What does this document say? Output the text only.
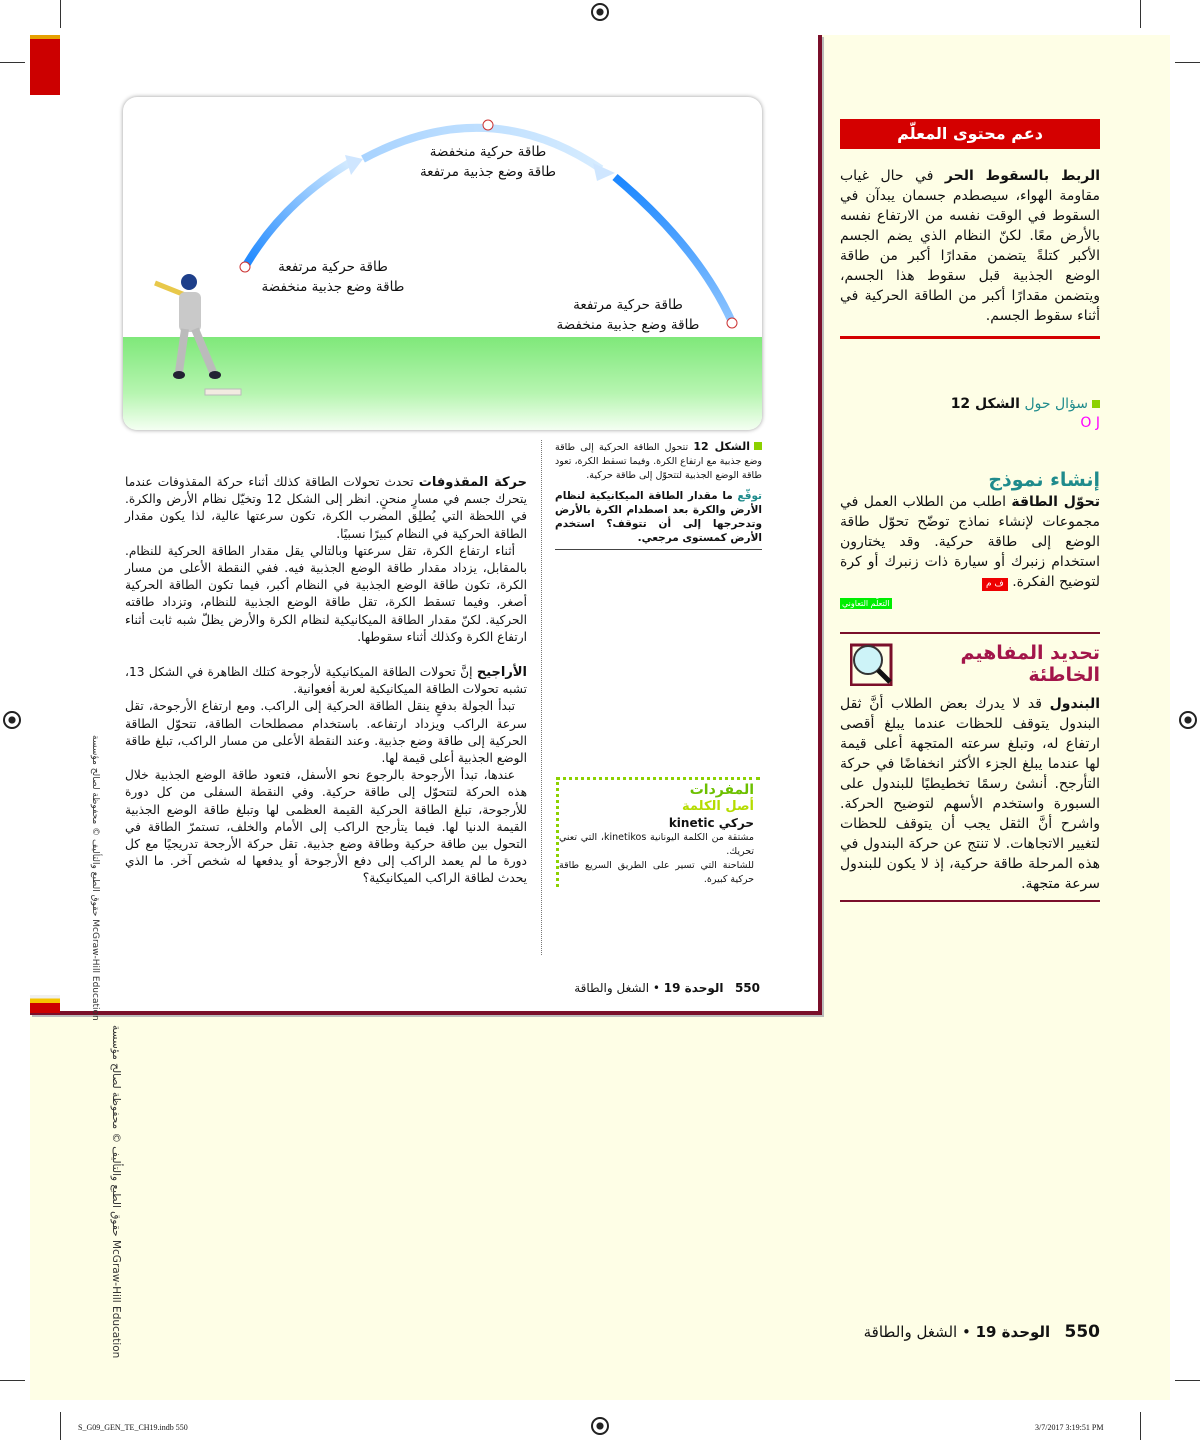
طاقة حركية منخفضة
طاقة وضع جذبية مرتفعة
طاقة حركية مرتفعة
طاقة وضع جذبية منخفضة
طاقة حركية مرتفعة
طاقة وضع جذبية منخفضة
الشكل 12 تتحول الطاقة الحركية إلى طاقة وضع جذبية مع ارتفاع الكرة. وفيما تسقط الكرة، تعود طاقة الوضع الجذبية لتتحوّل إلى طاقة حركية.
توقّع ما مقدار الطاقة الميكانيكية لنظام الأرض والكرة بعد اصطدام الكرة بالأرض وتدحرجها إلى أن تتوقف؟ استخدم الأرض كمستوى مرجعي.

حركة المقذوفات تحدث تحولات الطاقة كذلك أثناء حركة المقذوفات عندما يتحرك جسم في مسارٍ منحنٍ. انظر إلى الشكل 12 وتخيّل نظام الأرض والكرة. في اللحظة التي يُطلِق المضرب الكرة، تكون سرعتها عالية، لذا يكون مقدار الطاقة الحركية في النظام كبيرًا نسبيًا.

أثناء ارتفاع الكرة، تقل سرعتها وبالتالي يقل مقدار الطاقة الحركية للنظام. بالمقابل، يزداد مقدار طاقة الوضع الجذبية فيه. ففي النقطة الأعلى من مسار الكرة، تكون طاقة الوضع الجذبية في النظام أكبر، فيما تكون الطاقة الحركية أصغر. وفيما تسقط الكرة، تقل طاقة الوضع الجذبية للنظام، وتزداد طاقته الحركية. لكنّ مقدار الطاقة الميكانيكية لنظام الكرة والأرض يظلّ شبه ثابت أثناء ارتفاع الكرة وكذلك أثناء سقوطها.

الأراجيح إنَّ تحولات الطاقة الميكانيكية لأرجوحة كتلك الظاهرة في الشكل 13، تشبه تحولات الطاقة الميكانيكية لعربة أفعوانية.

تبدأ الجولة بدفعٍ ينقل الطاقة الحركية إلى الراكب. ومع ارتفاع الأرجوحة، تقل سرعة الراكب ويزداد ارتفاعه. باستخدام مصطلحات الطاقة، تتحوّل الطاقة الحركية إلى طاقة وضع جذبية. وعند النقطة الأعلى من مسار الراكب، تبلغ طاقة الوضع الجذبية أعلى قيمة لها.

عندها، تبدأ الأرجوحة بالرجوع نحو الأسفل، فتعود طاقة الوضع الجذبية خلال هذه الحركة لتتحوّل إلى طاقة حركية. وفي النقطة السفلى من كل دورة للأرجوحة، تبلغ الطاقة الحركية القيمة العظمى لها وتبلغ طاقة الوضع الجذبية القيمة الدنيا لها. فيما يتأرجح الراكب إلى الأمام والخلف، تستمرّ الطاقة في التحول بين طاقة حركية وطاقة وضع جذبية. تقل حركة الأرجحة تدريجيًا مع كل دورة ما لم يعمد الراكب إلى دفع الأرجوحة أو يدفعها له شخص آخر. ما الذي يحدث لطاقة الراكب الميكانيكية؟

المفردات
أصل الكلمة
حركي kinetic
مشتقة من الكلمة اليونانية kinetikos، التي تعني تحريك.
للشاحنة التي تسير على الطريق السريع طاقة حركية كبيرة.
550   الوحدة 19 • الشغل والطاقة
حقوق الطبع والتأليف © محفوظة لصالح مؤسسة McGraw-Hill Education
حقوق الطبع والتأليف © محفوظة لصالح مؤسسة McGraw-Hill Education
دعم محتوى المعلّم
الربط بالسقوط الحر في حال غياب مقاومة الهواء، سيصطدم جسمان يبدآن في السقوط في الوقت نفسه من الارتفاع نفسه بالأرض معًا. لكنّ النظام الذي يضم الجسم الأكبر كتلةً يتضمن مقدارًا أكبر من طاقة الوضع الجذبية قبل سقوط هذا الجسم، ويتضمن مقدارًا أكبر من الطاقة الحركية في أثناء سقوط الجسم.
سؤال حول الشكل 12
O J
إنشاء نموذج
تحوّل الطاقة اطلب من الطلاب العمل في مجموعات لإنشاء نماذج توضّح تحوّل طاقة الوضع إلى طاقة حركية. وقد يختارون استخدام زنبرك أو سيارة ذات زنبرك أو كرة لتوضيح الفكرة. ف م
التعلّم التعاوني
تحديد المفاهيم الخاطئة
البندول قد لا يدرك بعض الطلاب أنَّ ثقل البندول يتوقف للحظات عندما يبلغ أقصى ارتفاع له، وتبلغ سرعته المتجهة أعلى قيمة لها عندما يبلغ الجزء الأكثر انخفاضًا في حركة التأرجح. أنشئ رسمًا تخطيطيًا للبندول على السبورة واستخدم الأسهم لتوضيح الحركة. واشرح أنَّ الثقل يجب أن يتوقف للحظات لتغيير الاتجاهات. لا تنتج عن حركة البندول في هذه المرحلة طاقة حركية، إذ لا يكون للبندول سرعة متجهة.
550   الوحدة 19 • الشغل والطاقة
S_G09_GEN_TE_CH19.indb 550	3/7/2017 3:19:51 PM
